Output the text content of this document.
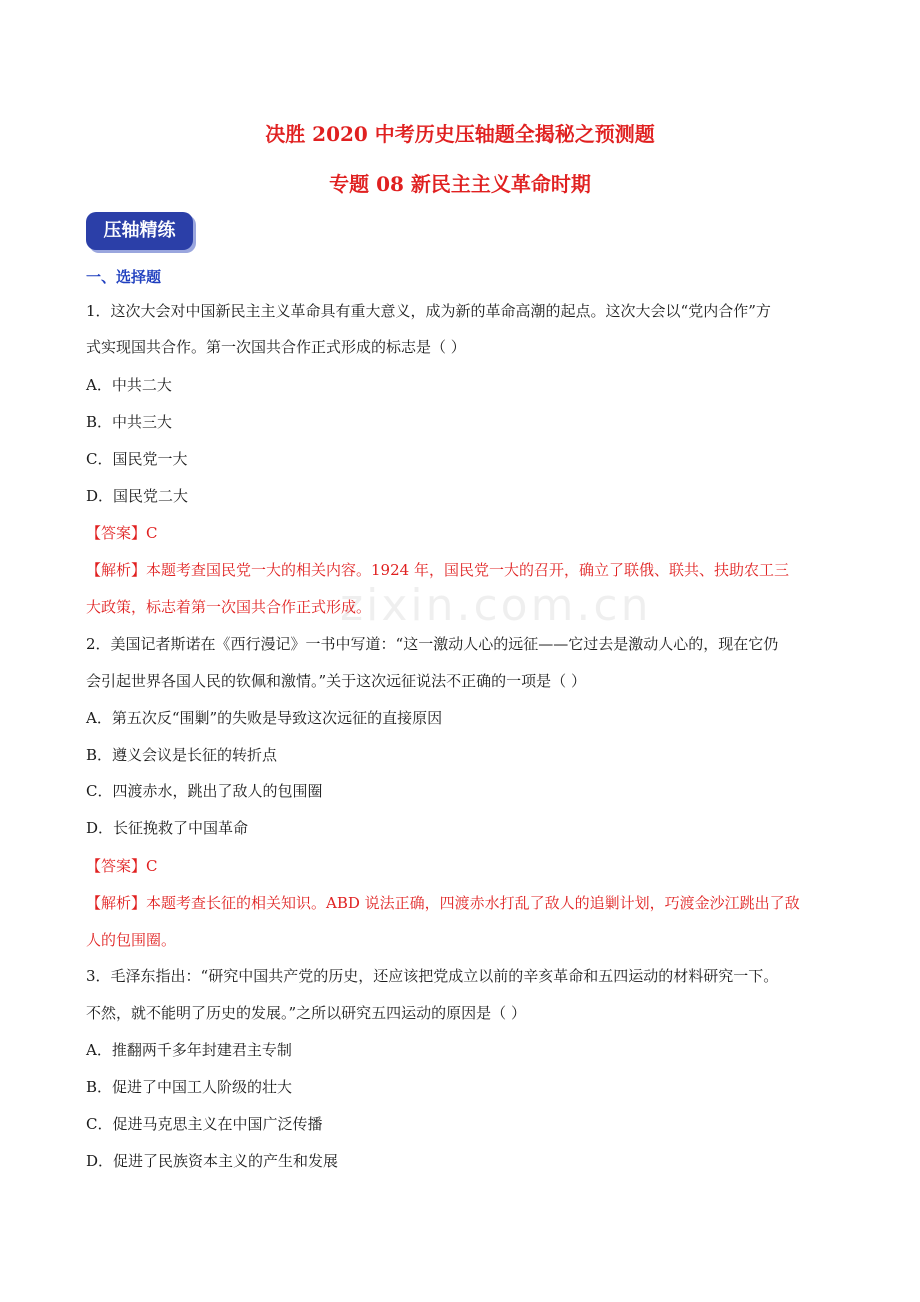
决胜 2020 中考历史压轴题全揭秘之预测题
专题 08 新民主主义革命时期
压轴精练
一、选择题
zixin.com.cn
1．这次大会对中国新民主主义革命具有重大意义，成为新的革命高潮的起点。这次大会以“党内合作”方
式实现国共合作。第一次国共合作正式形成的标志是（ ）
A．中共二大
B．中共三大
C．国民党一大
D．国民党二大
【答案】C
【解析】本题考查国民党一大的相关内容。1924 年，国民党一大的召开，确立了联俄、联共、扶助农工三
大政策，标志着第一次国共合作正式形成。
2．美国记者斯诺在《西行漫记》一书中写道：“这一激动人心的远征——它过去是激动人心的，现在它仍
会引起世界各国人民的钦佩和激情。”关于这次远征说法不正确的一项是（ ）
A．第五次反“围剿”的失败是导致这次远征的直接原因
B．遵义会议是长征的转折点
C．四渡赤水，跳出了敌人的包围圈
D．长征挽救了中国革命
【答案】C
【解析】本题考查长征的相关知识。ABD 说法正确，四渡赤水打乱了敌人的追剿计划，巧渡金沙江跳出了敌
人的包围圈。
3．毛泽东指出：“研究中国共产党的历史，还应该把党成立以前的辛亥革命和五四运动的材料研究一下。
不然，就不能明了历史的发展。”之所以研究五四运动的原因是（ ）
A．推翻两千多年封建君主专制
B．促进了中国工人阶级的壮大
C．促进马克思主义在中国广泛传播
D．促进了民族资本主义的产生和发展
